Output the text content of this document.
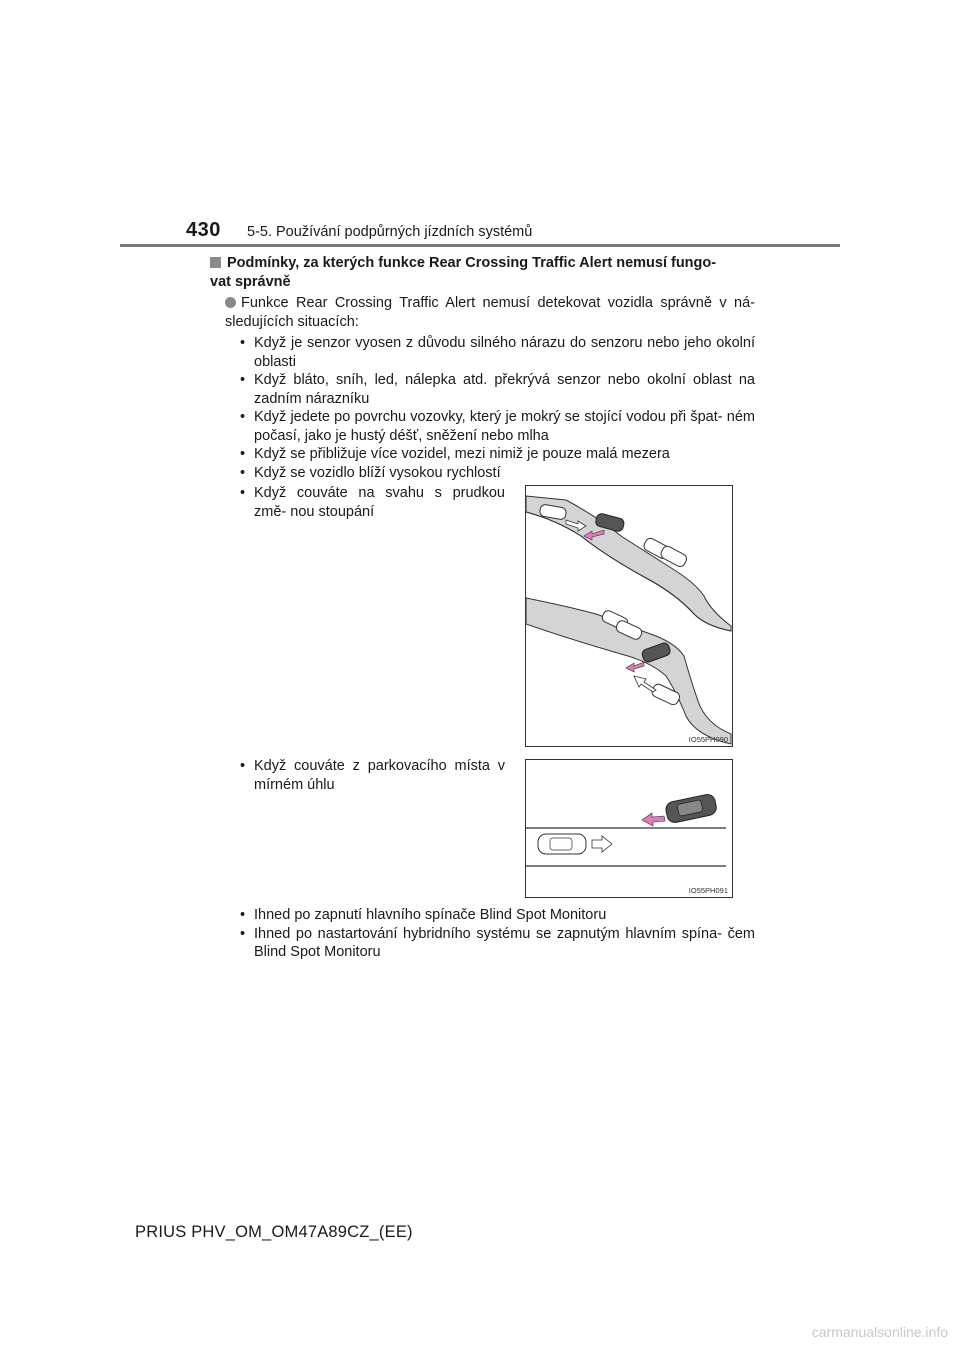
430 5-5. Používání podpůrných jízdních systémů
Podmínky, za kterých funkce Rear Crossing Traffic Alert nemusí fungo-
vat správně
Funkce Rear Crossing Traffic Alert nemusí detekovat vozidla správně v ná- sledujících situacích:
• Když je senzor vyosen z důvodu silného nárazu do senzoru nebo jeho okolní oblasti
• Když bláto, sníh, led, nálepka atd. překrývá senzor nebo okolní oblast na zadním nárazníku
• Když jedete po povrchu vozovky, který je mokrý se stojící vodou při špat- ném počasí, jako je hustý déšť, sněžení nebo mlha
• Když se přibližuje více vozidel, mezi nimiž je pouze malá mezera
• Když se vozidlo blíží vysokou rychlostí
• Když couváte na svahu s prudkou změ- nou stoupání
IO55PH090
• Když couváte z parkovacího místa v mírném úhlu
IO55PH091
• Ihned po zapnutí hlavního spínače Blind Spot Monitoru
• Ihned po nastartování hybridního systému se zapnutým hlavním spína- čem Blind Spot Monitoru
PRIUS PHV_OM_OM47A89CZ_(EE)
carmanualsonline.info
